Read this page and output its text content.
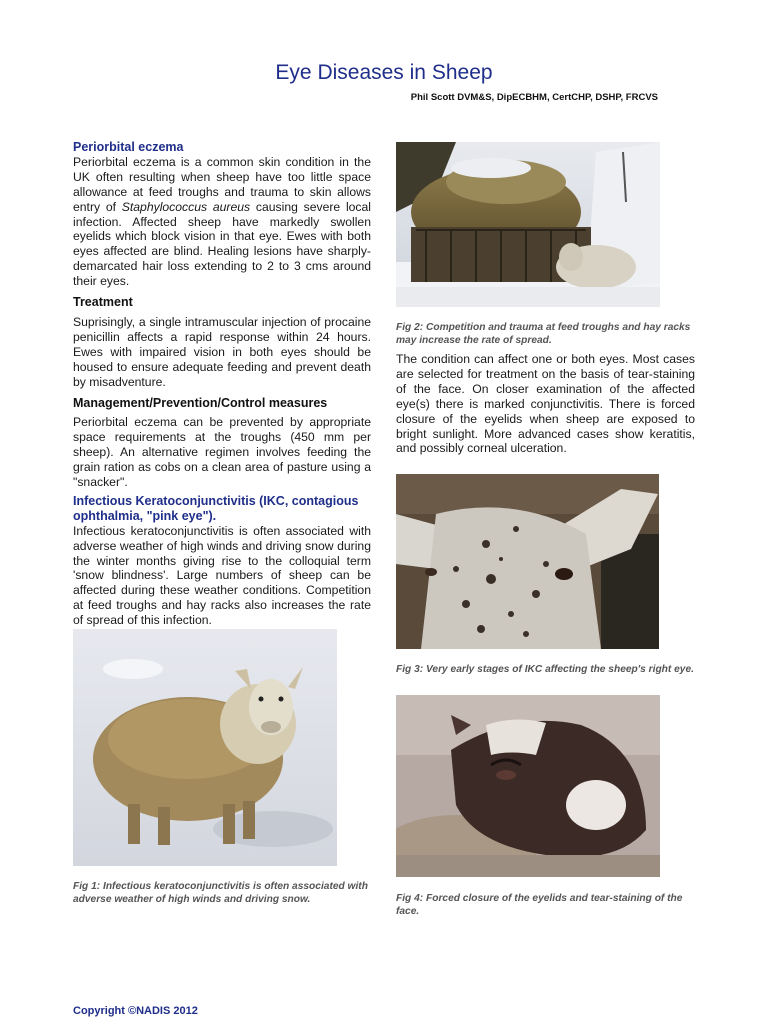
Eye Diseases in Sheep
Phil Scott DVM&S, DipECBHM, CertCHP, DSHP, FRCVS
Periorbital eczema

Periorbital eczema is a common skin condition in the UK often resulting when sheep have too little space allowance at feed troughs and trauma to skin allows entry of Staphylococcus aureus causing severe local infection. Affected sheep have markedly swollen eyelids which block vision in that eye. Ewes with both eyes affected are blind. Healing lesions have sharply-demarcated hair loss extending to 2 to 3 cms around their eyes.

Treatment

Suprisingly, a single intramuscular injection of procaine penicillin affects a rapid response within 24 hours. Ewes with impaired vision in both eyes should be housed to ensure adequate feeding and prevent death by misadventure.

Management/Prevention/Control measures

Periorbital eczema can be prevented by appropriate space requirements at the troughs (450 mm per sheep). An alternative regimen involves feeding the grain ration as cobs on a clean area of pasture using a "snacker".

Infectious Keratoconjunctivitis (IKC, contagious ophthalmia, "pink eye").

Infectious keratoconjunctivitis is often associated with adverse weather of high winds and driving snow during the winter months giving rise to the colloquial term 'snow blindness'. Large numbers of sheep can be affected during these weather conditions. Competition at feed troughs and hay racks also increases the rate of spread of this infection.

Fig 2: Competition and trauma at feed troughs and hay racks may increase the rate of spread.

The condition can affect one or both eyes. Most cases are selected for treatment on the basis of tear-staining of the face. On closer examination of the affected eye(s) there is marked conjunctivitis. There is forced closure of the eyelids when sheep are exposed to bright sunlight. More advanced cases show keratitis, and possibly corneal ulceration.

Fig 3: Very early stages of IKC affecting the sheep's right eye.
Fig 1: Infectious keratoconjunctivitis is often associated with adverse weather of high winds and driving snow.	Fig 4: Forced closure of the eyelids and tear-staining of the face.
Copyright ©NADIS 2012
